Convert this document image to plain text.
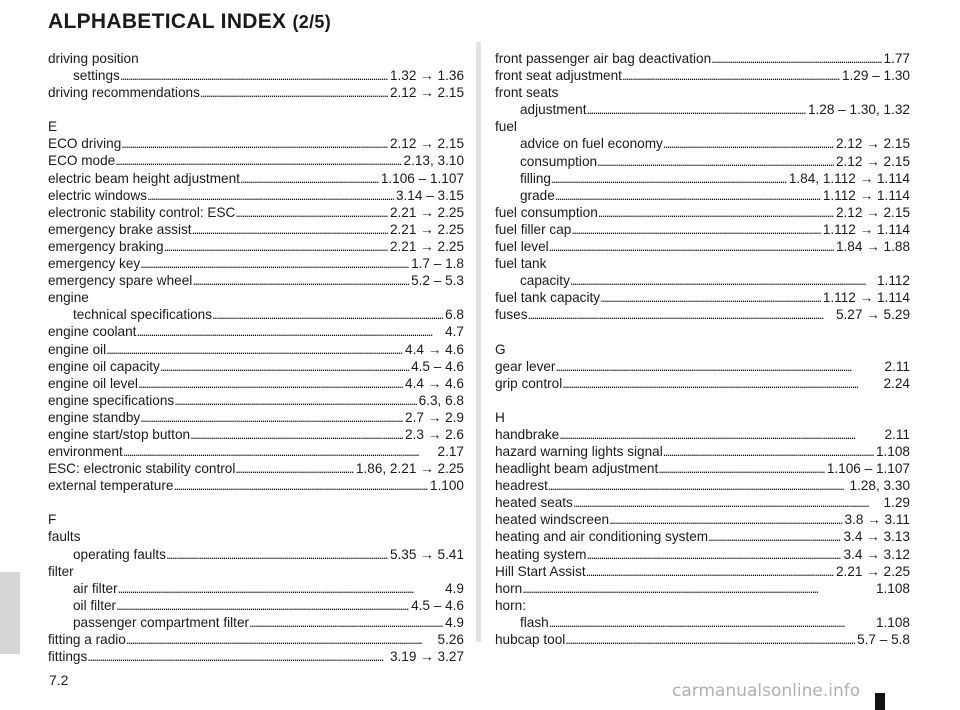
ALPHABETICAL INDEX (2/5)
driving position
settings . . .	1.32 → 1.36
driving recommendations . . .	2.12 → 2.15
E
ECO driving . . .	2.12 → 2.15
ECO mode . . .	2.13, 3.10
electric beam height adjustment . . .	1.106 – 1.107
electric windows . . .	3.14 – 3.15
electronic stability control: ESC . . .	2.21 → 2.25
emergency brake assist . . .	2.21 → 2.25
emergency braking . . .	2.21 → 2.25
emergency key . . .	1.7 – 1.8
emergency spare wheel . . .	5.2 – 5.3
engine
technical specifications . . .	6.8
engine coolant . . .	4.7
engine oil . . .	4.4 → 4.6
engine oil capacity . . .	4.5 – 4.6
engine oil level . . .	4.4 → 4.6
engine specifications . . .	6.3, 6.8
engine standby . . .	2.7 → 2.9
engine start/stop button . . .	2.3 → 2.6
environment . . .	2.17
ESC: electronic stability control . . .	1.86, 2.21 → 2.25
external temperature . . .	1.100
F
faults
operating faults . . .	5.35 → 5.41
filter
air filter . . .	4.9
oil filter . . .	4.5 – 4.6
passenger compartment filter . . .	4.9
fitting a radio . . .	5.26
fittings . . .	3.19 → 3.27
front passenger air bag deactivation . . .	1.77
front seat adjustment . . .	1.29 – 1.30
front seats
adjustment . . .	1.28 – 1.30, 1.32
fuel
advice on fuel economy . . .	2.12 → 2.15
consumption . . .	2.12 → 2.15
filling . . .	1.84, 1.112 → 1.114
grade . . .	1.112 → 1.114
fuel consumption . . .	2.12 → 2.15
fuel filler cap . . .	1.112 → 1.114
fuel level . . .	1.84 → 1.88
fuel tank
capacity . . .	1.112
fuel tank capacity . . .	1.112 → 1.114
fuses . . .	5.27 → 5.29
G
gear lever . . .	2.11
grip control . . .	2.24
H
handbrake . . .	2.11
hazard warning lights signal . . .	1.108
headlight beam adjustment . . .	1.106 – 1.107
headrest . . .	1.28, 3.30
heated seats . . .	1.29
heated windscreen . . .	3.8 → 3.11
heating and air conditioning system . . .	3.4 → 3.13
heating system . . .	3.4 → 3.12
Hill Start Assist . . .	2.21 → 2.25
horn . . .	1.108
horn:
flash . . .	1.108
hubcap tool . . .	5.7 – 5.8
7.2
carmanualsonline.info
